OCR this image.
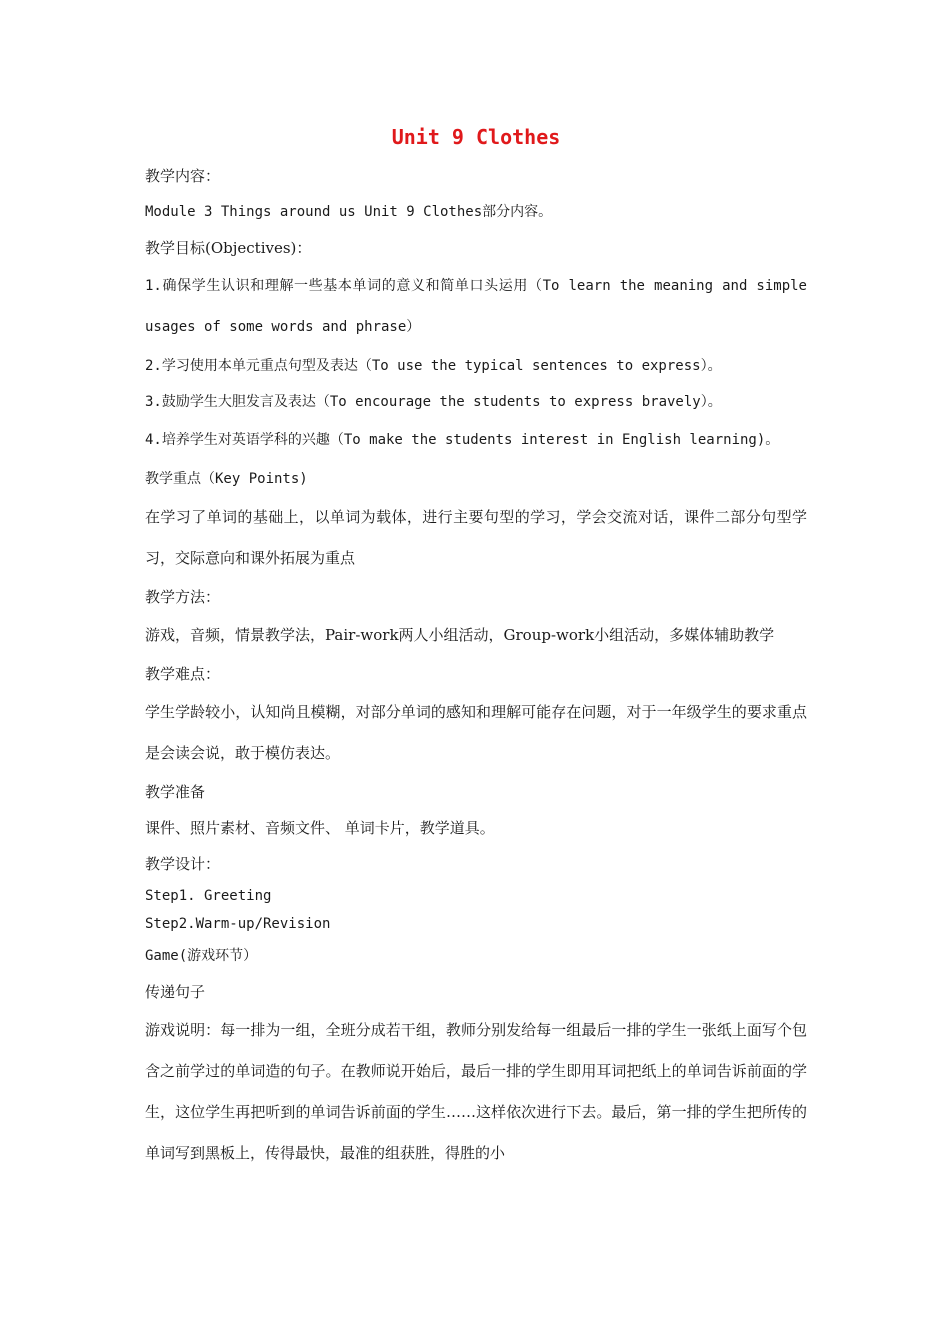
Unit 9 Clothes
教学内容：
Module 3 Things around us Unit 9 Clothes部分内容。
教学目标(Objectives)：
1.确保学生认识和理解一些基本单词的意义和简单口头运用（To learn the meaning and simple usages of some words and phrase）
2.学习使用本单元重点句型及表达（To use the typical sentences to express）。
3.鼓励学生大胆发言及表达（To encourage the students to express bravely）。
4.培养学生对英语学科的兴趣（To make the students interest in English learning)。
教学重点（Key Points)
在学习了单词的基础上，以单词为载体，进行主要句型的学习，学会交流对话，课件二部分句型学习，交际意向和课外拓展为重点
教学方法：
游戏，音频，情景教学法，Pair-work两人小组活动，Group-work小组活动，多媒体辅助教学
教学难点：
学生学龄较小，认知尚且模糊，对部分单词的感知和理解可能存在问题，对于一年级学生的要求重点是会读会说，敢于模仿表达。
教学准备
课件、照片素材、音频文件、 单词卡片，教学道具。
教学设计：
Step1. Greeting
Step2.Warm-up/Revision
Game(游戏环节）
传递句子
游戏说明：每一排为一组，全班分成若干组，教师分别发给每一组最后一排的学生一张纸上面写个包含之前学过的单词造的句子。在教师说开始后，最后一排的学生即用耳词把纸上的单词告诉前面的学生，这位学生再把听到的单词告诉前面的学生……这样依次进行下去。最后，第一排的学生把所传的单词写到黑板上，传得最快，最准的组获胜，得胜的小
